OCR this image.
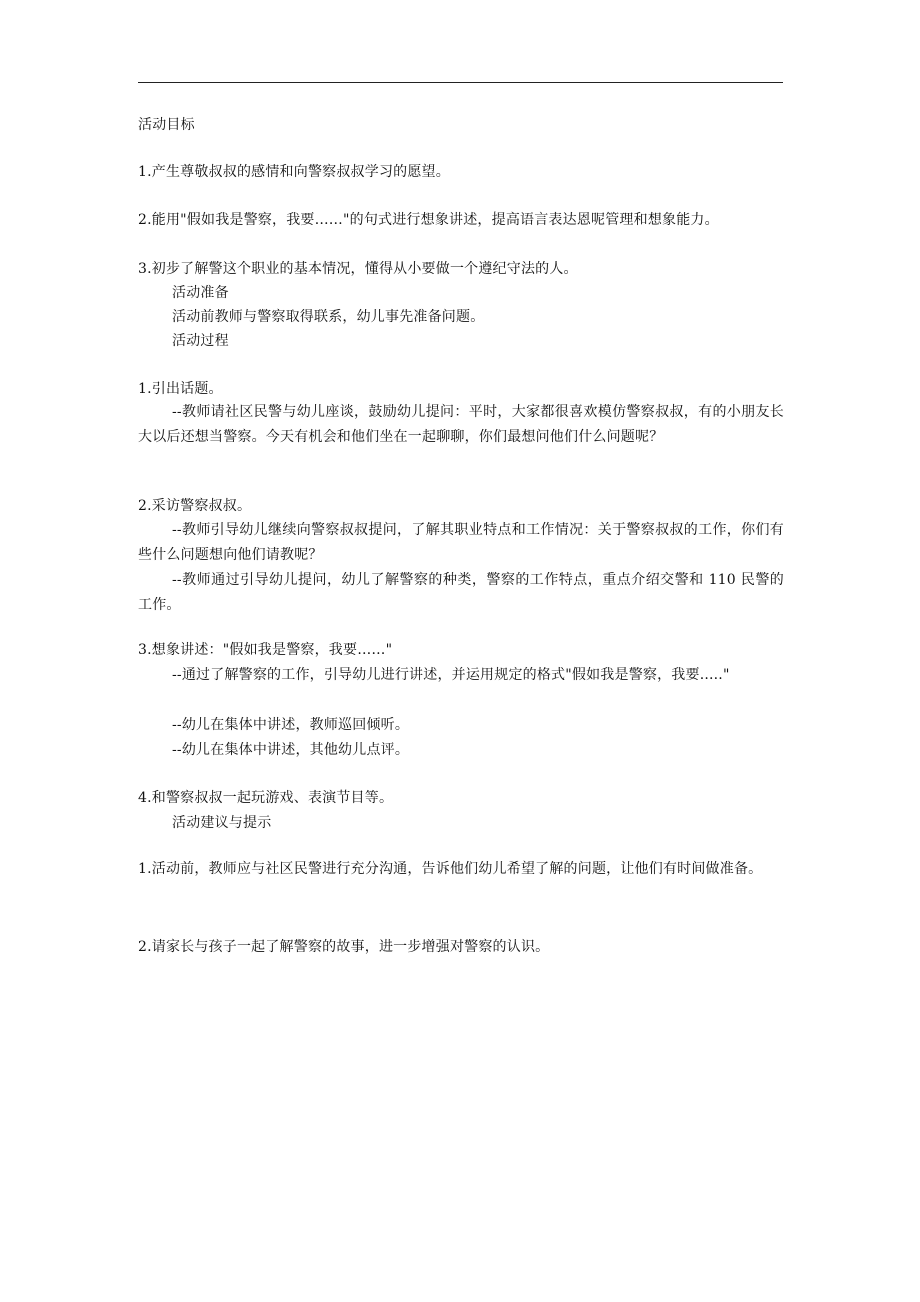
活动目标
1.产生尊敬叔叔的感情和向警察叔叔学习的愿望。
2.能用"假如我是警察，我要……"的句式进行想象讲述，提高语言表达恩呢管理和想象能力。
3.初步了解警这个职业的基本情况，懂得从小要做一个遵纪守法的人。
活动准备
活动前教师与警察取得联系，幼儿事先准备问题。
活动过程
1.引出话题。
--教师请社区民警与幼儿座谈，鼓励幼儿提问：平时，大家都很喜欢模仿警察叔叔，有的小朋友长大以后还想当警察。今天有机会和他们坐在一起聊聊，你们最想问他们什么问题呢？
2.采访警察叔叔。
--教师引导幼儿继续向警察叔叔提问，了解其职业特点和工作情况：关于警察叔叔的工作，你们有些什么问题想向他们请教呢？
--教师通过引导幼儿提问，幼儿了解警察的种类，警察的工作特点，重点介绍交警和 110 民警的工作。
3.想象讲述："假如我是警察，我要……"
--通过了解警察的工作，引导幼儿进行讲述，并运用规定的格式"假如我是警察，我要....."
--幼儿在集体中讲述，教师巡回倾听。
--幼儿在集体中讲述，其他幼儿点评。
4.和警察叔叔一起玩游戏、表演节目等。
活动建议与提示
1.活动前，教师应与社区民警进行充分沟通，告诉他们幼儿希望了解的问题，让他们有时间做准备。
2.请家长与孩子一起了解警察的故事，进一步增强对警察的认识。
